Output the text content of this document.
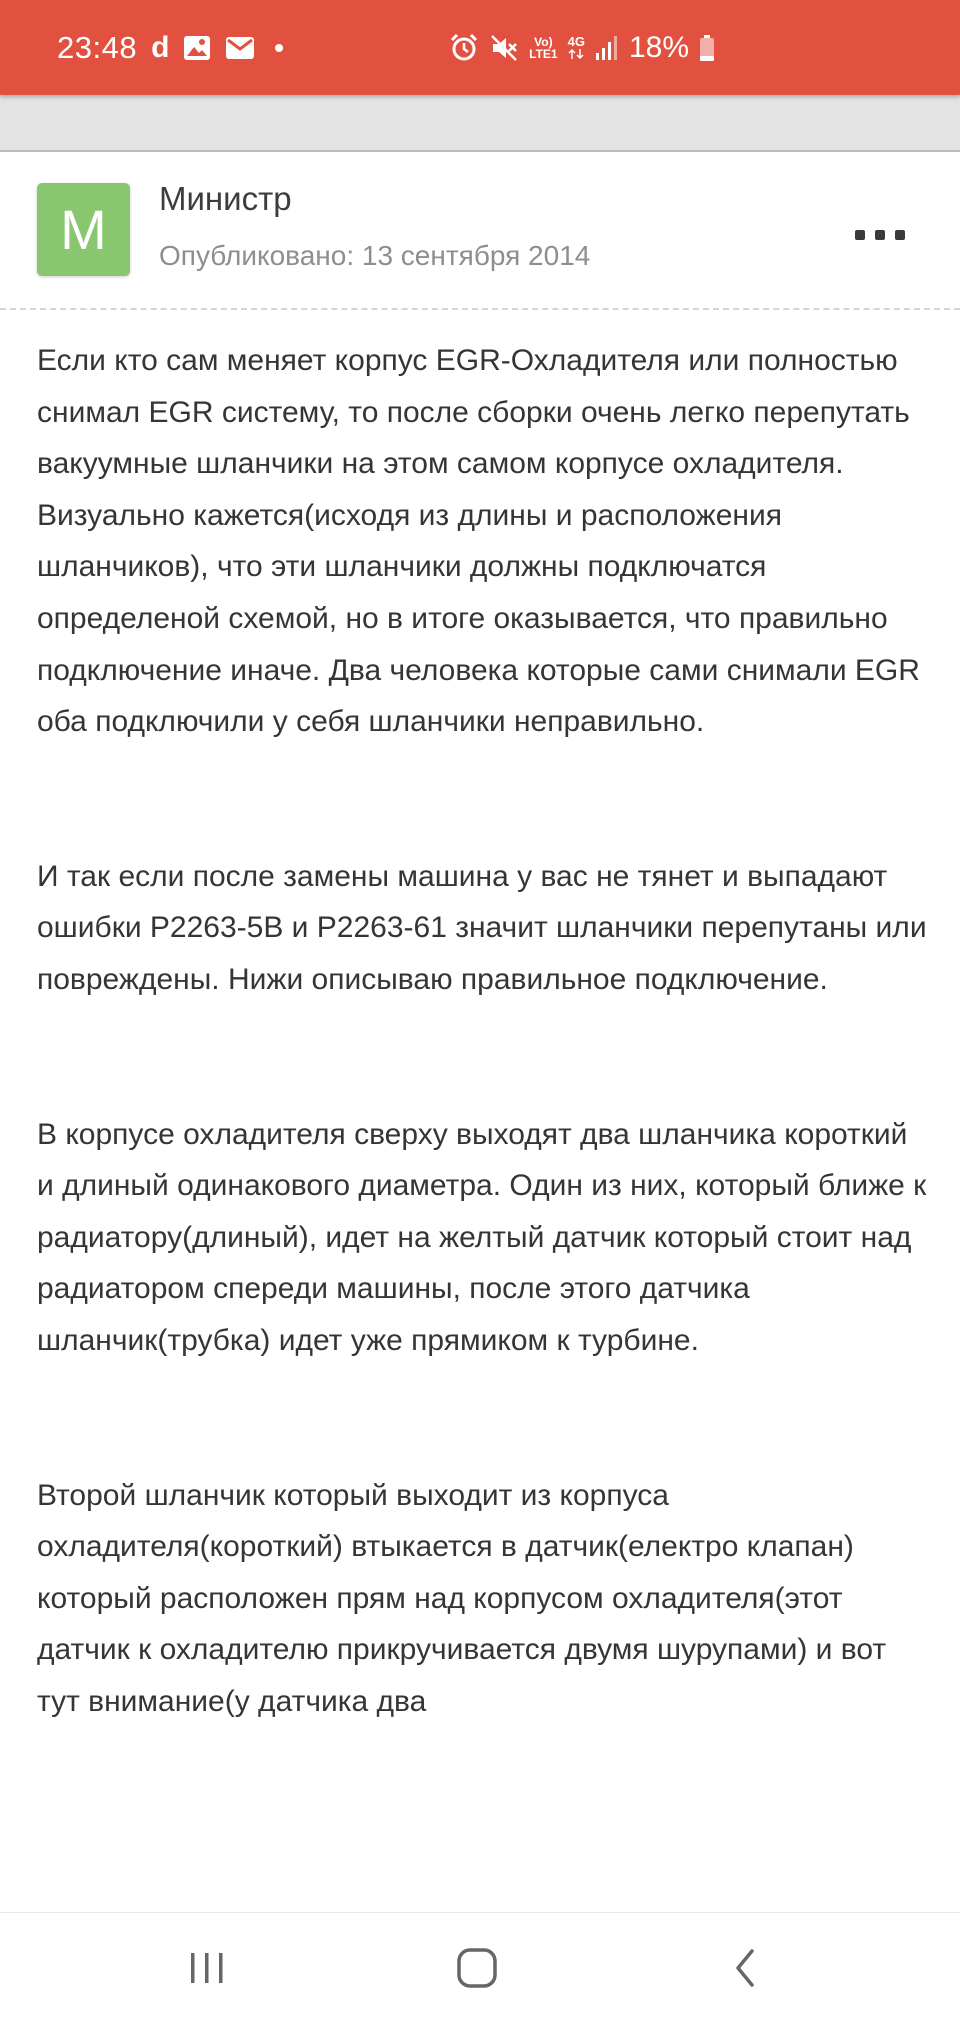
23:48 d	Vo)
LTE1
4G 18%
M	Министр
Опубликовано: 13 сентября 2014

Если кто сам меняет корпус EGR-Охладителя или полностью снимал EGR систему, то после сборки очень легко перепутать вакуумные шланчики на этом самом корпусе охладителя. Визуально кажется(исходя из длины и расположения шланчиков), что эти шланчики должны подключатся определеной схемой, но в итоге оказывается, что правильно подключение иначе. Два человека которые сами снимали EGR оба подключили у себя шланчики неправильно.

И так если после замены машина у вас не тянет и выпадают ошибки P2263-5B и P2263-61 значит шланчики перепутаны или повреждены. Нижи описываю правильное подключение.

В корпусе охладителя сверху выходят два шланчика короткий и длиный одинакового диаметра. Один из них, который ближе к радиатору(длиный), идет на желтый датчик который стоит над радиатором спереди машины, после этого датчика шланчик(трубка) идет уже прямиком к турбине.

Второй шланчик который выходит из корпуса охладителя(короткий) втыкается в датчик(електро клапан) который расположен прям над корпусом охладителя(этот датчик к охладителю прикручивается двумя шурупами) и вот тут внимание(у датчика два
